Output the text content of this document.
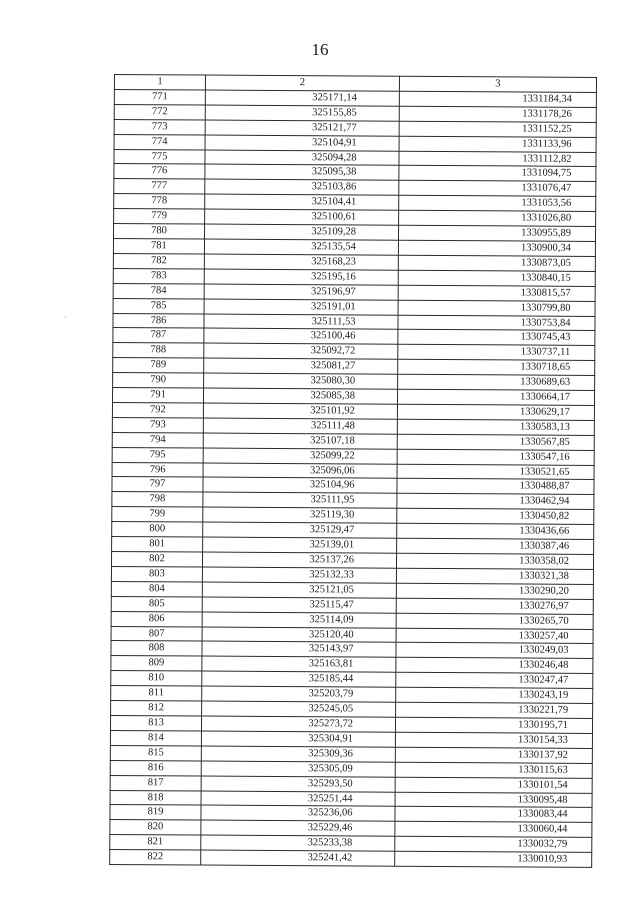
16
·
1	2	3
771	325171,14	1331184,34
772	325155,85	1331178,26
773	325121,77	1331152,25
774	325104,91	1331133,96
775	325094,28	1331112,82
776	325095,38	1331094,75
777	325103,86	1331076,47
778	325104,41	1331053,56
779	325100,61	1331026,80
780	325109,28	1330955,89
781	325135,54	1330900,34
782	325168,23	1330873,05
783	325195,16	1330840,15
784	325196,97	1330815,57
785	325191,01	1330799,80
786	325111,53	1330753,84
787	325100,46	1330745,43
788	325092,72	1330737,11
789	325081,27	1330718,65
790	325080,30	1330689,63
791	325085,38	1330664,17
792	325101,92	1330629,17
793	325111,48	1330583,13
794	325107,18	1330567,85
795	325099,22	1330547,16
796	325096,06	1330521,65
797	325104,96	1330488,87
798	325111,95	1330462,94
799	325119,30	1330450,82
800	325129,47	1330436,66
801	325139,01	1330387,46
802	325137,26	1330358,02
803	325132,33	1330321,38
804	325121,05	1330290,20
805	325115,47	1330276,97
806	325114,09	1330265,70
807	325120,40	1330257,40
808	325143,97	1330249,03
809	325163,81	1330246,48
810	325185,44	1330247,47
811	325203,79	1330243,19
812	325245,05	1330221,79
813	325273,72	1330195,71
814	325304,91	1330154,33
815	325309,36	1330137,92
816	325305,09	1330115,63
817	325293,50	1330101,54
818	325251,44	1330095,48
819	325236,06	1330083,44
820	325229,46	1330060,44
821	325233,38	1330032,79
822	325241,42	1330010,93
